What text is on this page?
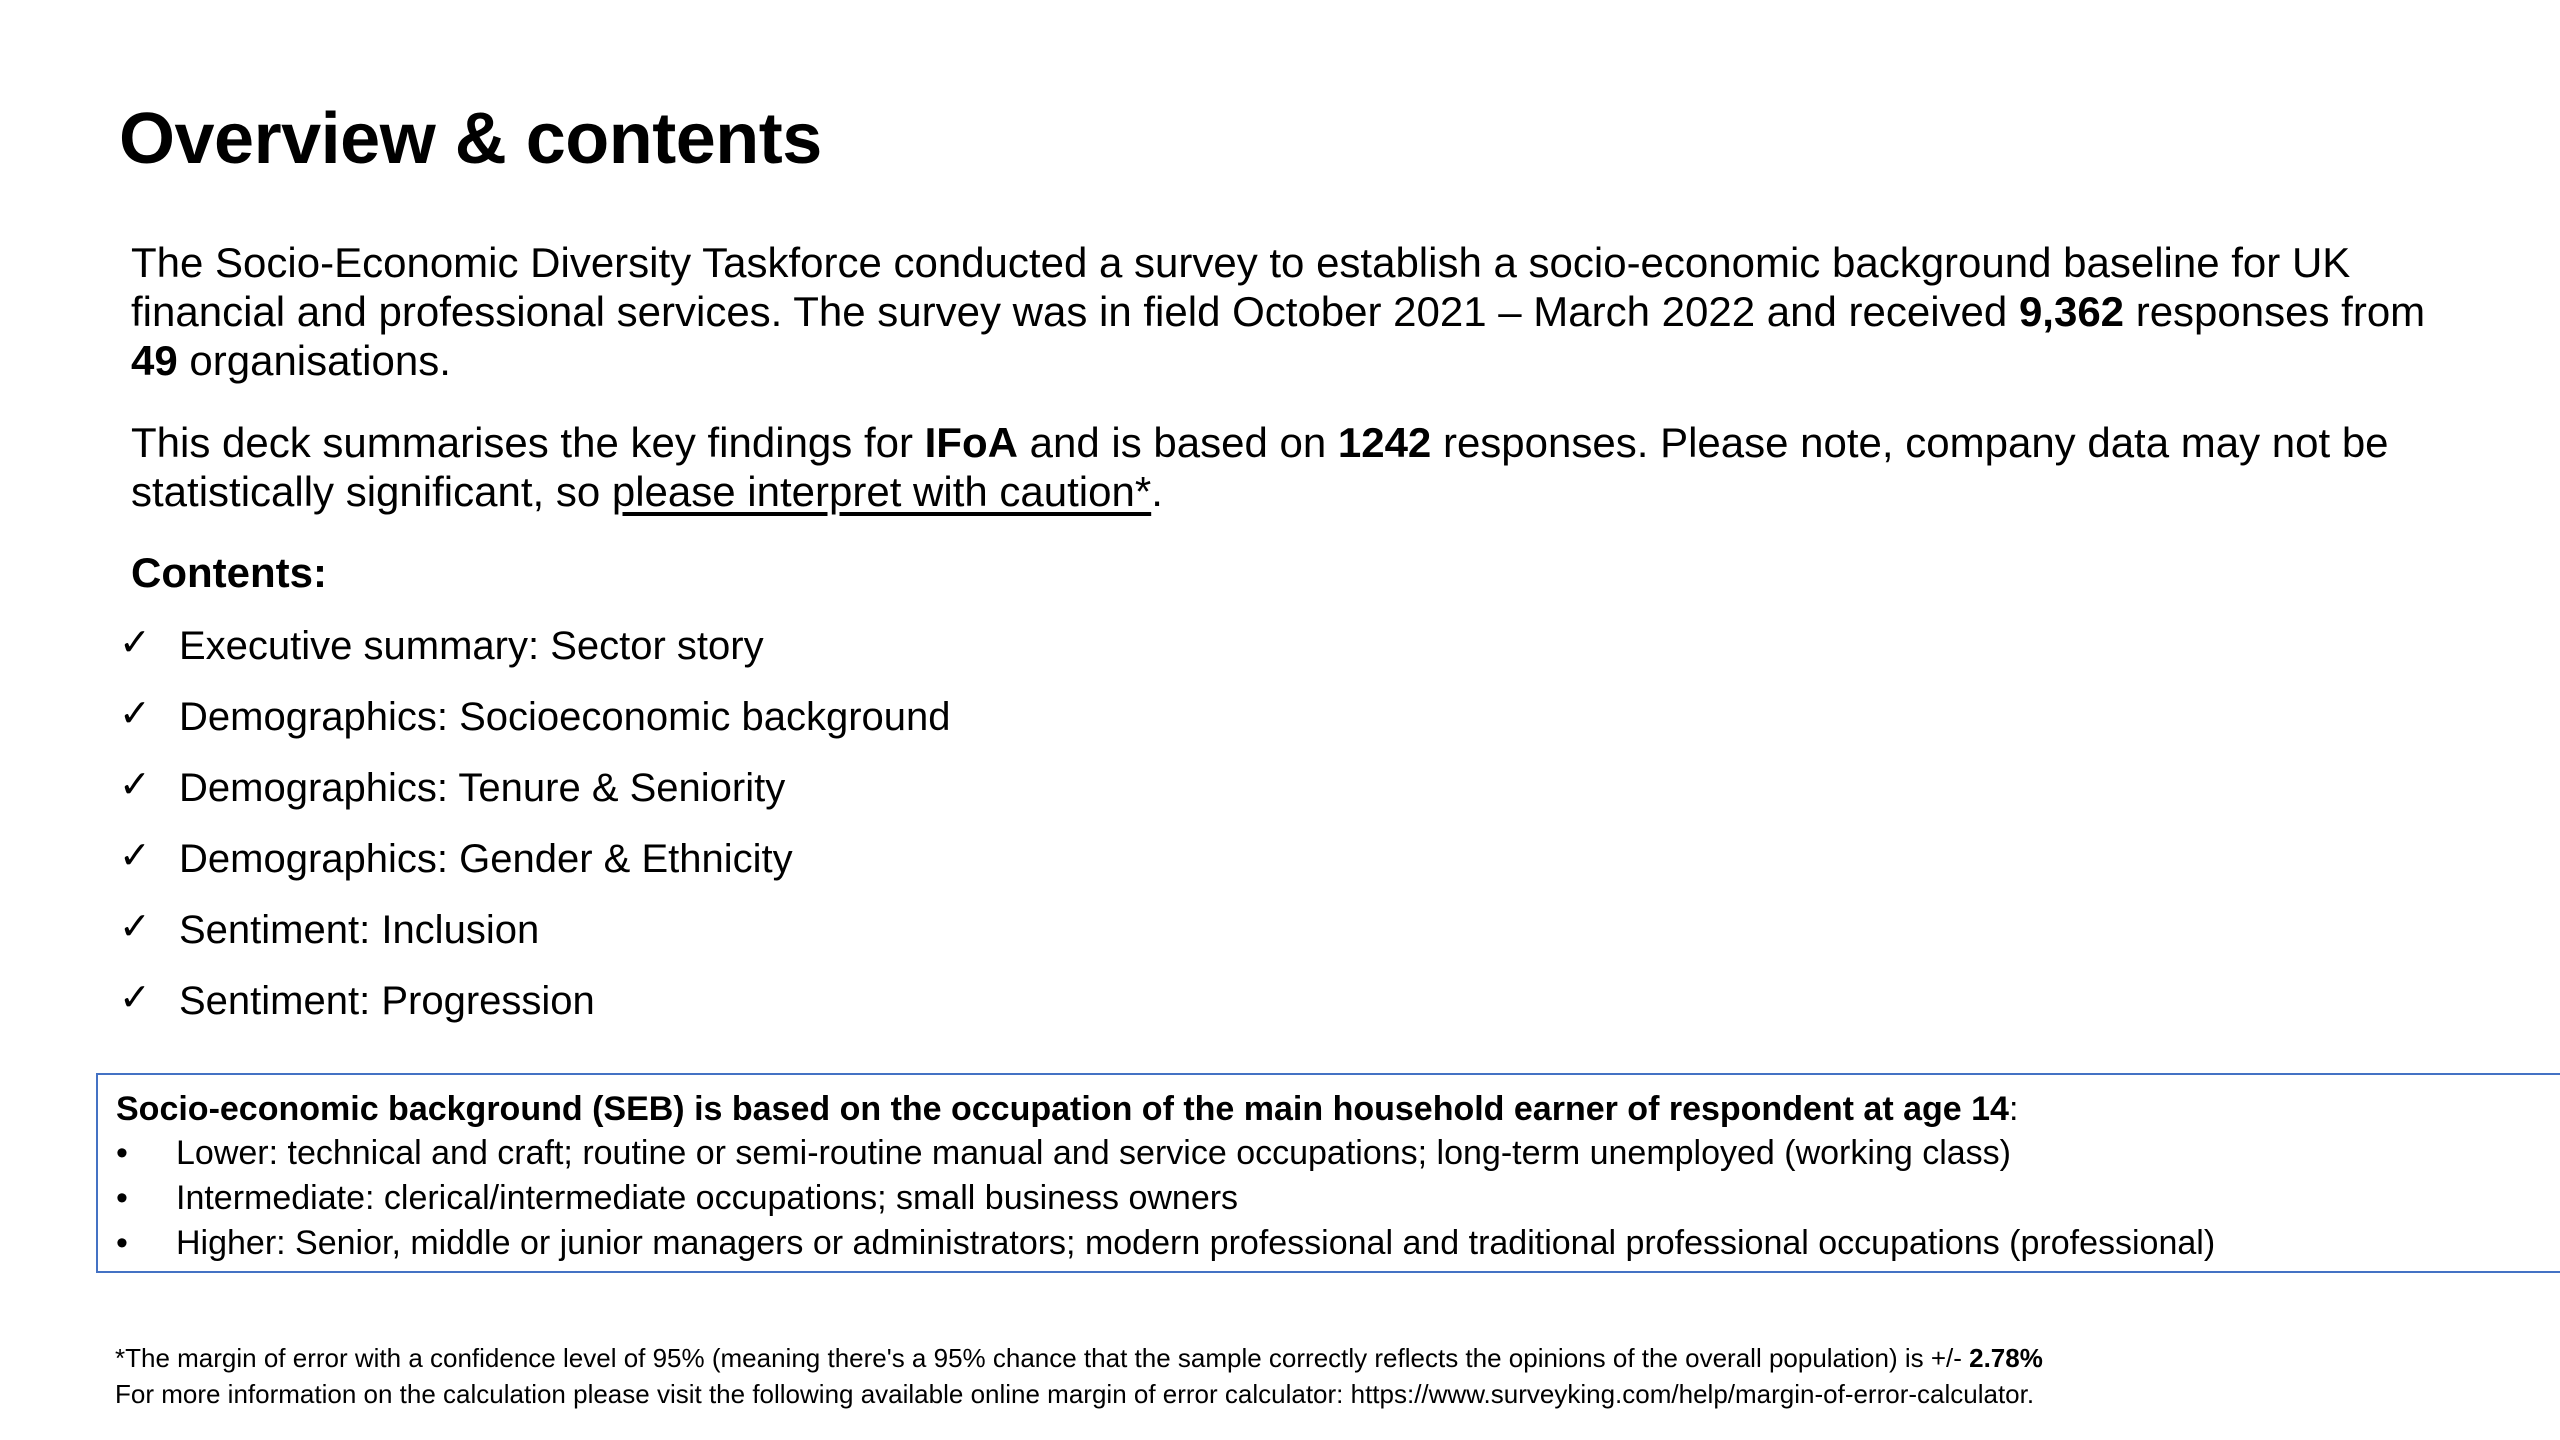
Overview & contents

The Socio-Economic Diversity Taskforce conducted a survey to establish a socio-economic background baseline for UK financial and professional services. The survey was in field October 2021 – March 2022 and received 9,362 responses from 49 organisations.

This deck summarises the key findings for IFoA and is based on 1242 responses. Please note, company data may not be statistically significant, so please interpret with caution*.

Contents:

✓ Executive summary: Sector story
✓ Demographics: Socioeconomic background
✓ Demographics: Tenure & Seniority
✓ Demographics: Gender & Ethnicity
✓ Sentiment: Inclusion
✓ Sentiment: Progression

Socio-economic background (SEB) is based on the occupation of the main household earner of respondent at age 14:

•	Lower: technical and craft; routine or semi-routine manual and service occupations; long-term unemployed (working class)
•	Intermediate: clerical/intermediate occupations; small business owners
•	Higher: Senior, middle or junior managers or administrators; modern professional and traditional professional occupations (professional)
*The margin of error with a confidence level of 95% (meaning there's a 95% chance that the sample correctly reflects the opinions of the overall population) is +/- 2.78%
For more information on the calculation please visit the following available online margin of error calculator: https://www.surveyking.com/help/margin-of-error-calculator.
